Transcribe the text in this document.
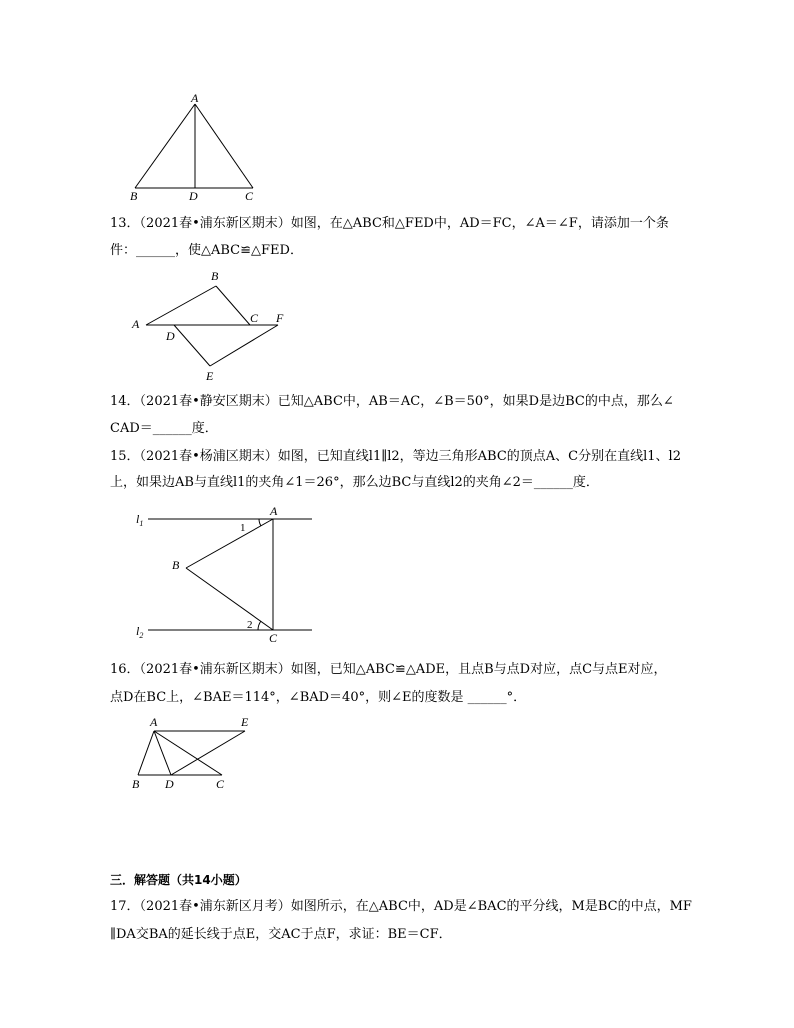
A
B	D	C
13．（2021春•浦东新区期末）如图，在△ABC和△FED中，AD＝FC，∠A＝∠F，请添加一个条
件：______，使△ABC≌△FED．
A
B
C F
D
E
14．（2021春•静安区期末）已知△ABC中，AB＝AC，∠B＝50°，如果D是边BC的中点，那么∠
CAD＝______度．
15．（2021春•杨浦区期末）如图，已知直线l1∥l2，等边三角形ABC的顶点A、C分别在直线l1、l2
上，如果边AB与直线l1的夹角∠1＝26°，那么边BC与直线l2的夹角∠2＝______度．
$l_1$
$l_2$
A
B
C
1
2
16．（2021春•浦东新区期末）如图，已知△ABC≌△ADE，且点B与点D对应，点C与点E对应，
点D在BC上，∠BAE＝114°，∠BAD＝40°，则∠E的度数是 ______°．
A	E
B D	C
三．解答题（共14小题）
17．（2021春•浦东新区月考）如图所示，在△ABC中，AD是∠BAC的平分线，M是BC的中点，MF
∥DA交BA的延长线于点E，交AC于点F，求证：BE＝CF．
